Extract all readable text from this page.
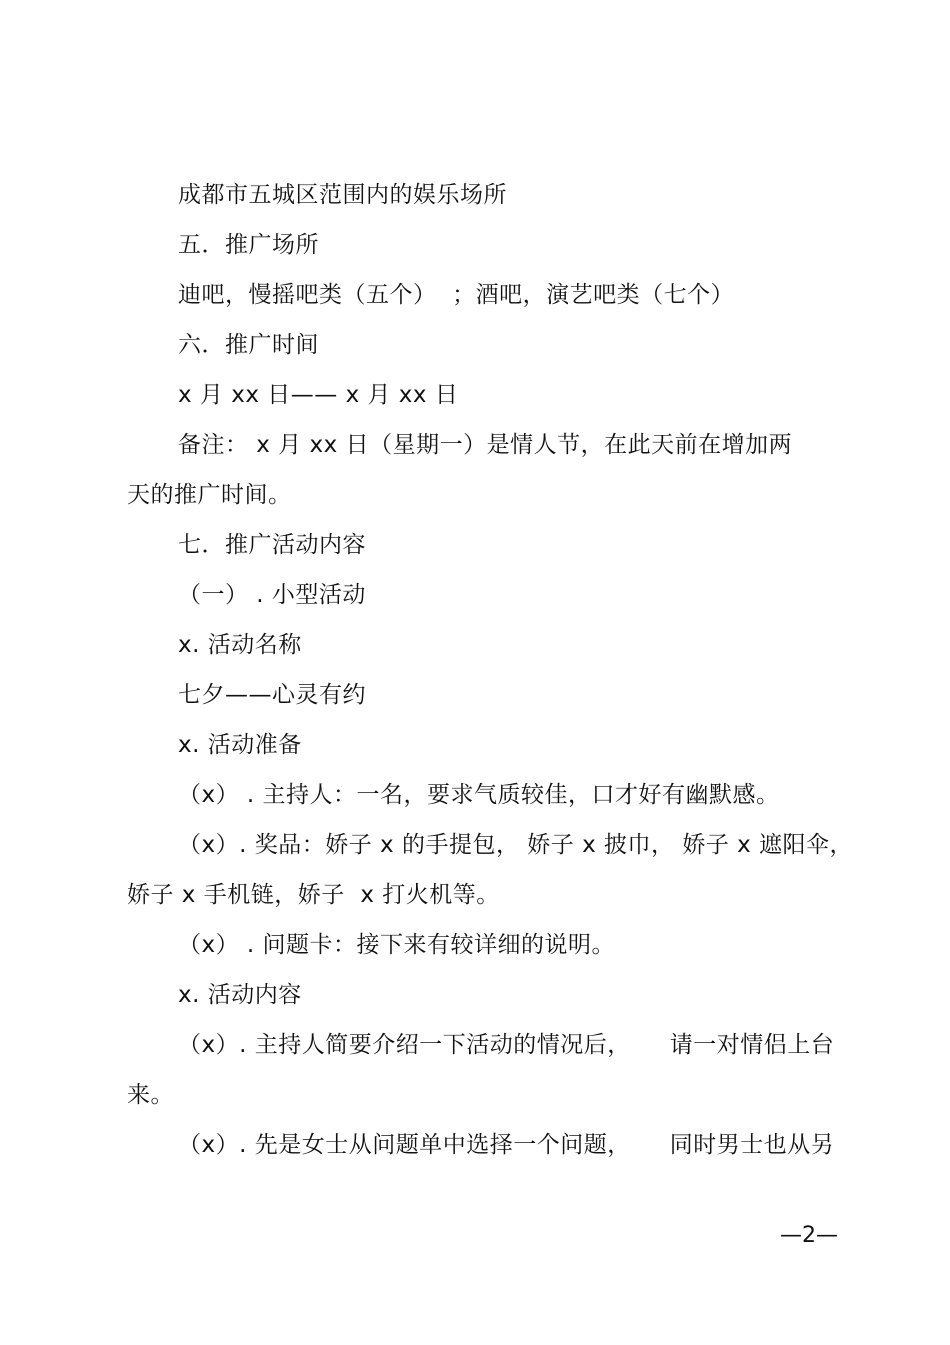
成都市五城区范围内的娱乐场所
五．推广场所
迪吧，慢摇吧类（五个）  ；酒吧，演艺吧类（七个）
六．推广时间
x 月 xx 日—— x 月 xx 日
备注： x 月 xx 日（星期一）是情人节，在此天前在增加两
天的推广时间。
七．推广活动内容
（一） . 小型活动
x. 活动名称
七夕——心灵有约
x. 活动准备
（x） . 主持人：一名，要求气质较佳，口才好有幽默感。
（x）. 奖品：娇子 x 的手提包， 娇子 x 披巾， 娇子 x 遮阳伞，
娇子 x 手机链，娇子  x 打火机等。
（x） . 问题卡：接下来有较详细的说明。
x. 活动内容
（x）. 主持人简要介绍一下活动的情况后，     请一对情侣上台
来。
（x）. 先是女士从问题单中选择一个问题，     同时男士也从另
—2—
